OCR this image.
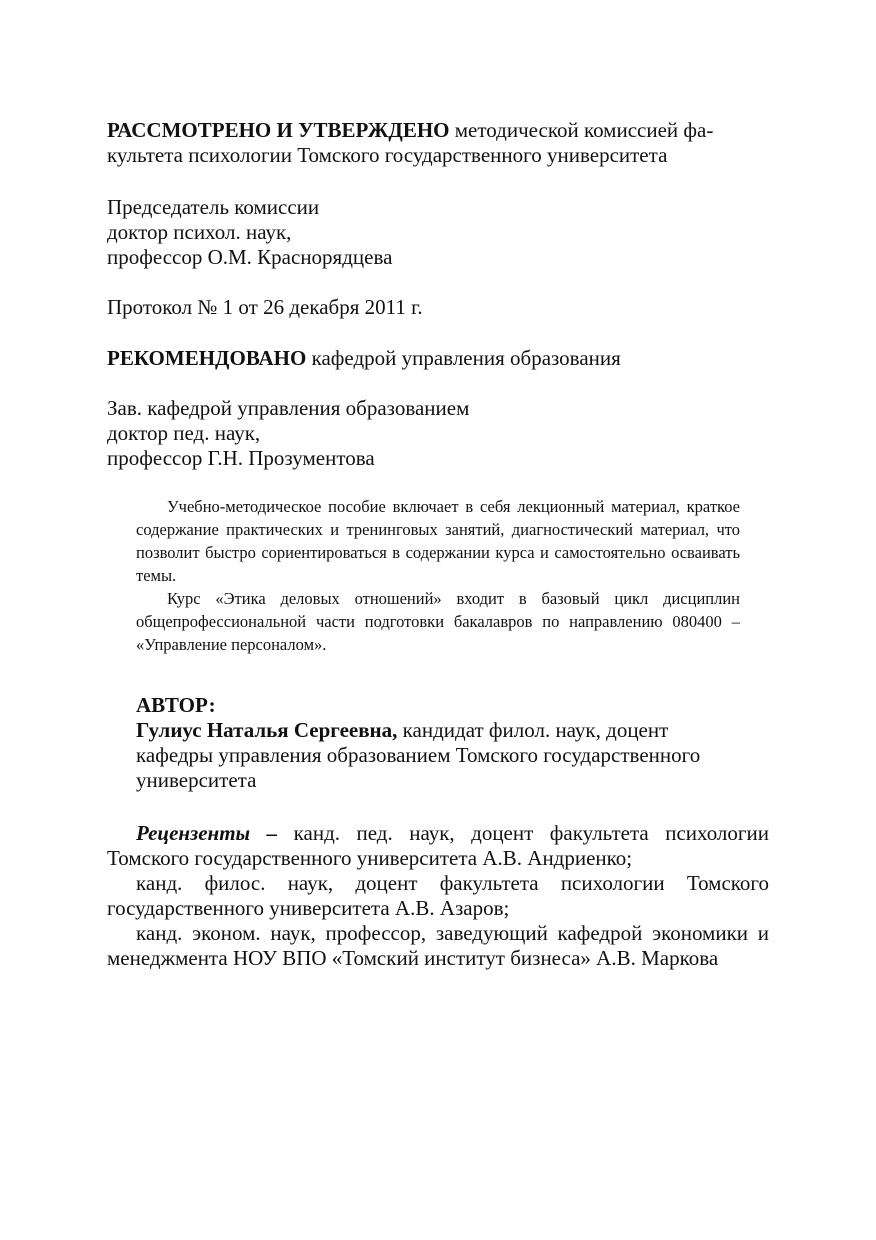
РАССМОТРЕНО И УТВЕРЖДЕНО методической комиссией фа-

культета психологии Томского государственного университета
Председатель комиссии
доктор психол. наук,
профессор О.М. Краснорядцева
Протокол № 1 от 26 декабря 2011 г.
РЕКОМЕНДОВАНО кафедрой управления образования
Зав. кафедрой управления образованием
доктор пед. наук,
профессор Г.Н. Прозументова

Учебно-методическое пособие включает в себя лекционный материал, краткое содержание практических и тренинговых занятий, диагностический материал, что позволит быстро сориентироваться в содержании курса и самостоятельно осваивать темы.

Курс «Этика деловых отношений» входит в базовый цикл дисциплин общепрофессиональной части подготовки бакалавров по направлению 080400 – «Управление персоналом».

АВТОР:
Гулиус Наталья Сергеевна, кандидат филол. наук, доцент
кафедры управления образованием Томского государственного
университета

Рецензенты – канд. пед. наук, доцент факультета психологии Томского государственного университета А.В. Андриенко;

канд. филос. наук, доцент факультета психологии Томского государственного университета А.В. Азаров;

канд. эконом. наук, профессор, заведующий кафедрой экономики и менеджмента НОУ ВПО «Томский институт бизнеса» А.В. Маркова
